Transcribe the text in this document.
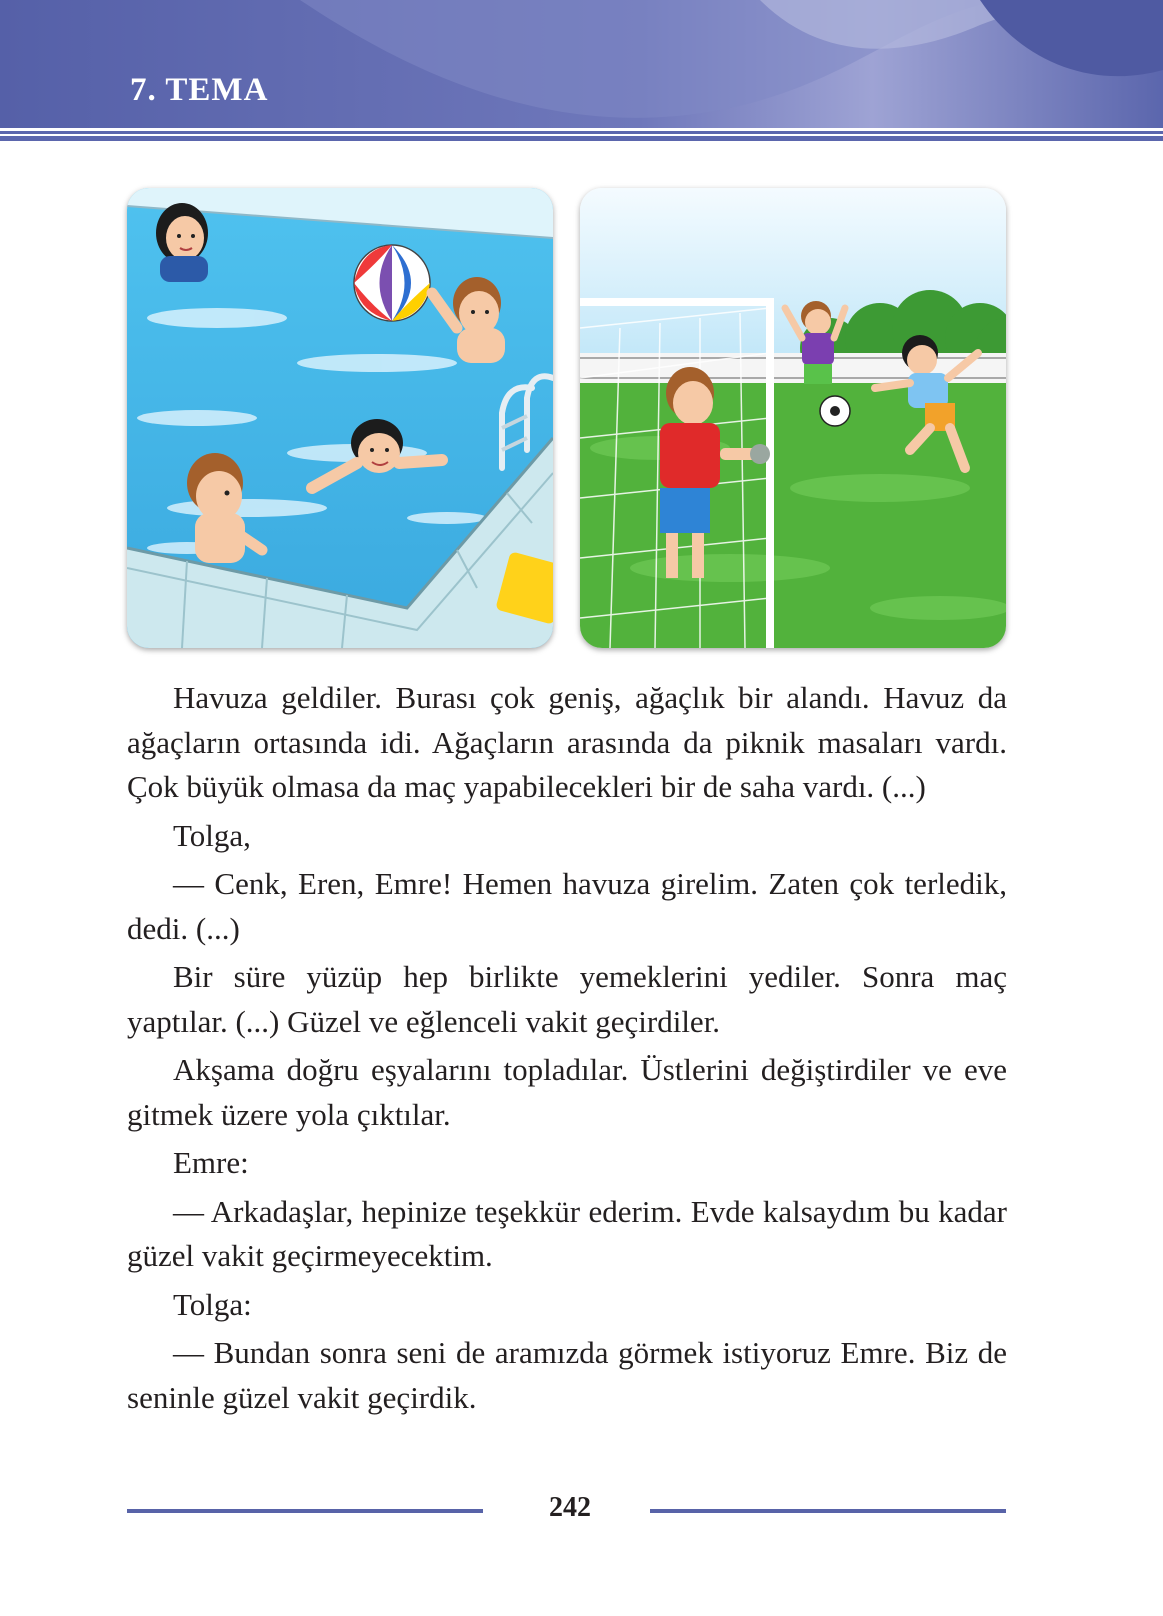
7. TEMA

Havuza geldiler. Burası çok geniş, ağaçlık bir alandı. Havuz da ağaçların ortasında idi. Ağaçların arasında da piknik masaları vardı. Çok büyük olmasa da maç yapabilecekleri bir de saha vardı. (...)

Tolga,

— Cenk, Eren, Emre! Hemen havuza girelim. Zaten çok terledik, dedi. (...)

Bir süre yüzüp hep birlikte yemeklerini yediler. Sonra maç yaptılar. (...) Güzel ve eğlenceli vakit geçirdiler.

Akşama doğru eşyalarını topladılar. Üstlerini değiştirdiler ve eve gitmek üzere yola çıktılar.

Emre:

— Arkadaşlar, hepinize teşekkür ederim. Evde kalsaydım bu kadar güzel vakit geçirmeyecektim.

Tolga:

— Bundan sonra seni de aramızda görmek istiyoruz Emre. Biz de seninle güzel vakit geçirdik.

242
